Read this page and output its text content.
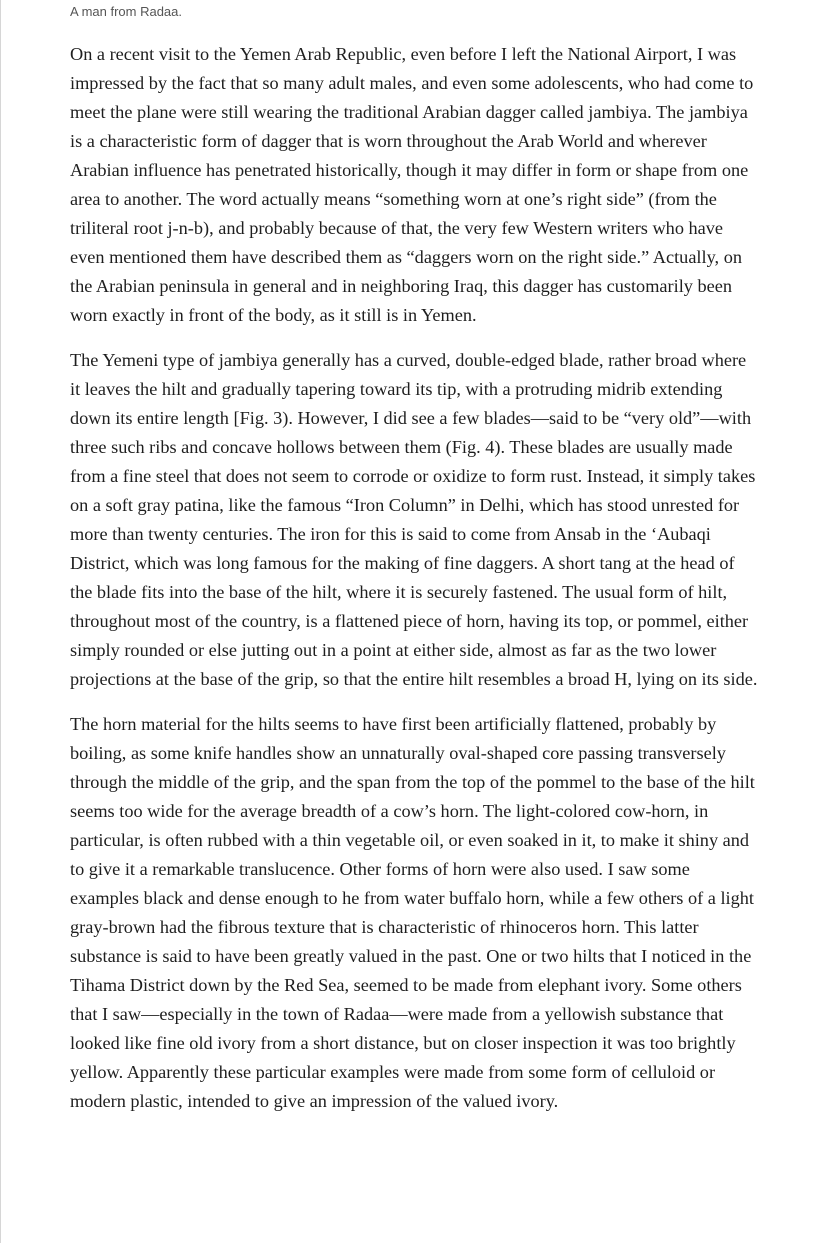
A man from Radaa.

On a recent visit to the Yemen Arab Republic, even before I left the National Airport, I was impressed by the fact that so many adult males, and even some adolescents, who had come to meet the plane were still wearing the traditional Arabian dagger called jambiya. The jambiya is a characteristic form of dagger that is worn throughout the Arab World and wherever Arabian influence has penetrated historically, though it may differ in form or shape from one area to another. The word actually means “something worn at one’s right side” (from the triliteral root j-n-b), and probably because of that, the very few Western writers who have even mentioned them have described them as “daggers worn on the right side.” Actually, on the Arabian peninsula in general and in neighboring Iraq, this dagger has customarily been worn exactly in front of the body, as it still is in Yemen.

The Yemeni type of jambiya generally has a curved, double-edged blade, rather broad where it leaves the hilt and gradually tapering toward its tip, with a protruding midrib extending down its entire length [Fig. 3). However, I did see a few blades—said to be “very old”—with three such ribs and concave hollows between them (Fig. 4). These blades are usually made from a fine steel that does not seem to corrode or oxidize to form rust. Instead, it simply takes on a soft gray patina, like the famous “Iron Column” in Delhi, which has stood unrested for more than twenty centuries. The iron for this is said to come from Ansab in the ‘Aubaqi District, which was long famous for the making of fine daggers. A short tang at the head of the blade fits into the base of the hilt, where it is securely fastened. The usual form of hilt, throughout most of the country, is a flattened piece of horn, having its top, or pommel, either simply rounded or else jutting out in a point at either side, almost as far as the two lower projections at the base of the grip, so that the entire hilt resembles a broad H, lying on its side.

The horn material for the hilts seems to have first been artificially flattened, probably by boiling, as some knife handles show an unnaturally oval-shaped core passing transversely through the middle of the grip, and the span from the top of the pommel to the base of the hilt seems too wide for the average breadth of a cow’s horn. The light-colored cow-horn, in particular, is often rubbed with a thin vegetable oil, or even soaked in it, to make it shiny and to give it a remarkable translucence. Other forms of horn were also used. I saw some examples black and dense enough to he from water buffalo horn, while a few others of a light gray-brown had the fibrous texture that is characteristic of rhinoceros horn. This latter substance is said to have been greatly valued in the past. One or two hilts that I noticed in the Tihama District down by the Red Sea, seemed to be made from elephant ivory. Some others that I saw—especially in the town of Radaa—were made from a yellowish substance that looked like fine old ivory from a short distance, but on closer inspection it was too brightly yellow. Apparently these particular examples were made from some form of celluloid or modern plastic, intended to give an impression of the valued ivory.
